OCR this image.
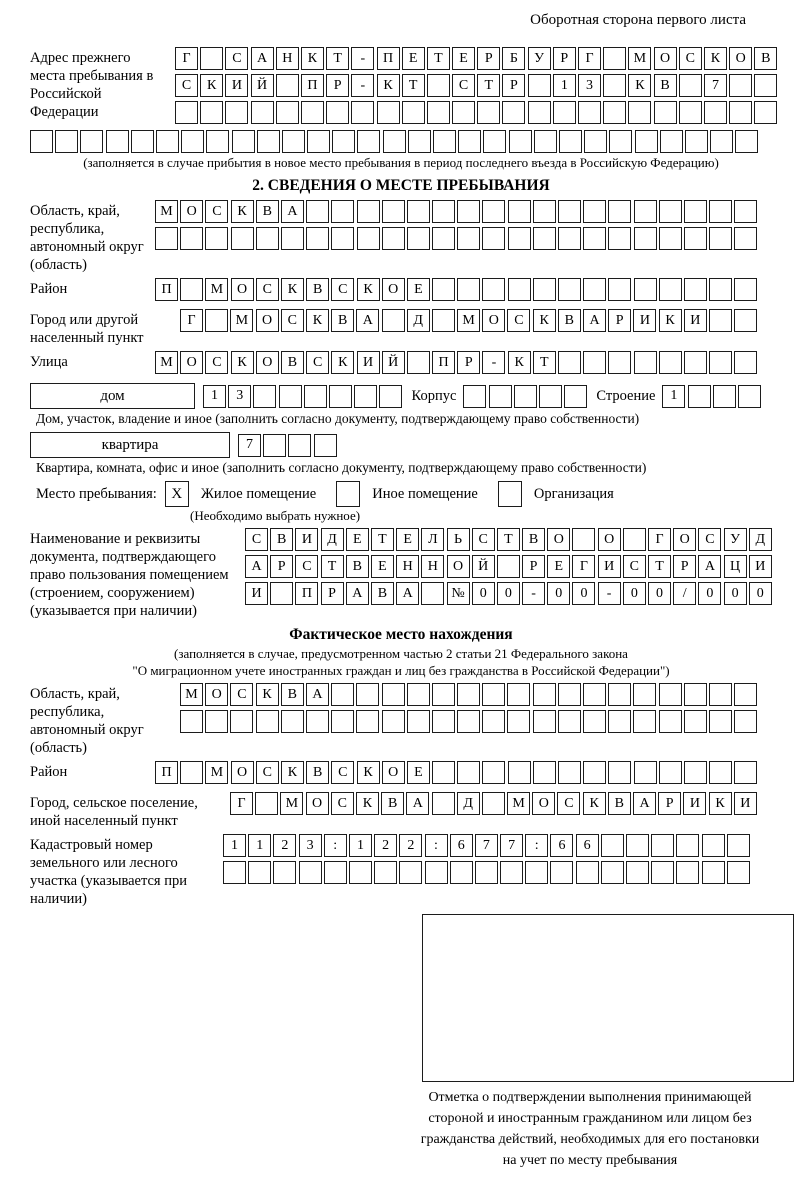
Оборотная сторона первого листа
Адрес прежнего места пребывания в Российской Федерации
Г	С	А	Н	К	Т	-	П	Е	Т	Е	Р	Б	У	Р	Г	М О	С	К	О	В
С	К	И	Й	П	Р	-	К	Т	С	Т	Р	1	3	К	В	7
(заполняется в случае прибытия в новое место пребывания в период последнего въезда в Российскую Федерацию)
2. СВЕДЕНИЯ О МЕСТЕ ПРЕБЫВАНИЯ
Область, край, республика, автономный округ (область)
М О	С	К	В	А
Район	П	М О	С	К	В	С	К	О	Е
Город или другой населенный пункт
Г	М О	С	К	В	А	Д	М О	С	К	В	А	Р	И	К	И
Улица	М О	С	К	О	В	С	К	И	Й	П	Р	-	К	Т
дом	1	3	Корпус	Строение	1
Дом, участок, владение и иное (заполнить согласно документу, подтверждающему право собственности)
квартира	7
Квартира, комната, офис и иное (заполнить согласно документу, подтверждающему право собственности)
Место пребывания: X	Жилое помещение	Иное помещение	Организация
(Необходимо выбрать нужное)
Наименование и реквизиты документа, подтверждающего право пользования помещением (строением, сооружением) (указывается при наличии)
С	В	И	Д	Е	Т	Е	Л	Ь	С	Т	В	О	О	Г	О	С	У	Д
А	Р	С	Т	В	Е	Н	Н	О	Й	Р	Е	Г	И	С	Т	Р	А	Ц	И
И	П	Р	А	В	А	№	0	0	-	0	0	-	0	0	/	0	0	0
Фактическое место нахождения
(заполняется в случае, предусмотренном частью 2 статьи 21 Федерального закона
"О миграционном учете иностранных граждан и лиц без гражданства в Российской Федерации")
Область, край, республика, автономный округ (область)
М О	С	К	В	А
Район	П	М О	С	К	В	С	К	О	Е
Город, сельское поселение, иной населенный пункт
Г	М О	С	К	В	А	Д	М О	С	К	В	А	Р	И	К	И
Кадастровый номер земельного или лесного участка (указывается при наличии)
1	1	2	3	:	1	2	2	:	6	7	7	:	6	6
Отметка о подтверждении выполнения принимающей
стороной и иностранным гражданином или лицом без
гражданства действий, необходимых для его постановки
на учет по месту пребывания
